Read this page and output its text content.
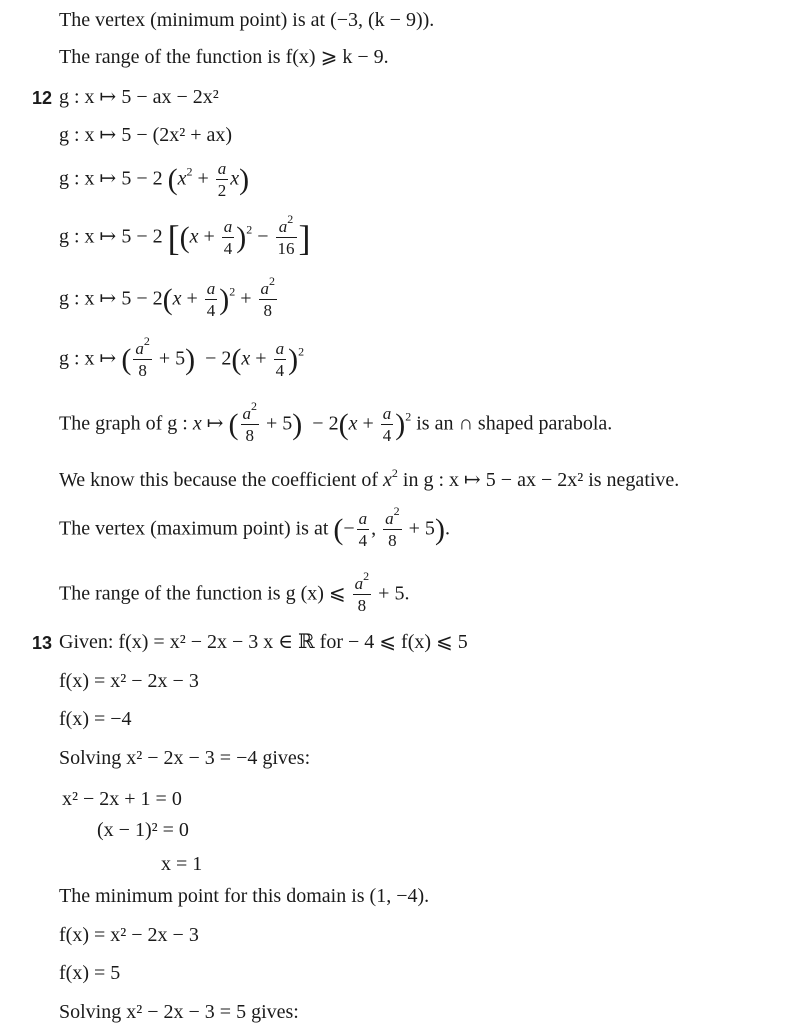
The vertex (minimum point) is at (−3, (k − 9)).
The range of the function is f(x) ⩾ k − 9.
12 g : x ↦ 5 − ax − 2x²
g : x ↦ 5 − (2x² + ax)
g : x ↦ 5 − 2 $(x^2 + \frac{a}{2} x)$
g : x ↦ 5 − 2 [$(x + \frac{a}{4} )^2 - \frac{a^2}{16}$ ]
g : x ↦ $5 - 2(x + \frac{a}{4} )^2 + \frac{a^2}{8}$
g : x ↦ ( $\frac{a^2}{8} + 5) - 2(x + \frac{a}{4} )^2$
The graph of g : x ↦ ( $\frac{a^2}{8} + 5) - 2(x + \frac{a}{4} )^2$ is an ∩ shaped parabola.
We know this because the coefficient of $x^2$ in g : x ↦ 5 − ax − 2x² is negative.
The vertex (maximum point) is at (− $\frac{a}{4}$ , $\frac{a^2}{8} + 5$).
The range of the function is g (x) ⩽ $\frac{a^2}{8} + 5$.
13 Given: f(x) = x² − 2x − 3 x ∈ ℝ for − 4 ⩽ f(x) ⩽ 5
f(x) = x² − 2x − 3
f(x) = −4
Solving x² − 2x − 3 = −4 gives:
x² − 2x + 1 = 0
(x − 1)² = 0
x = 1
The minimum point for this domain is (1, −4).
f(x) = x² − 2x − 3
f(x) = 5
Solving x² − 2x − 3 = 5 gives:
